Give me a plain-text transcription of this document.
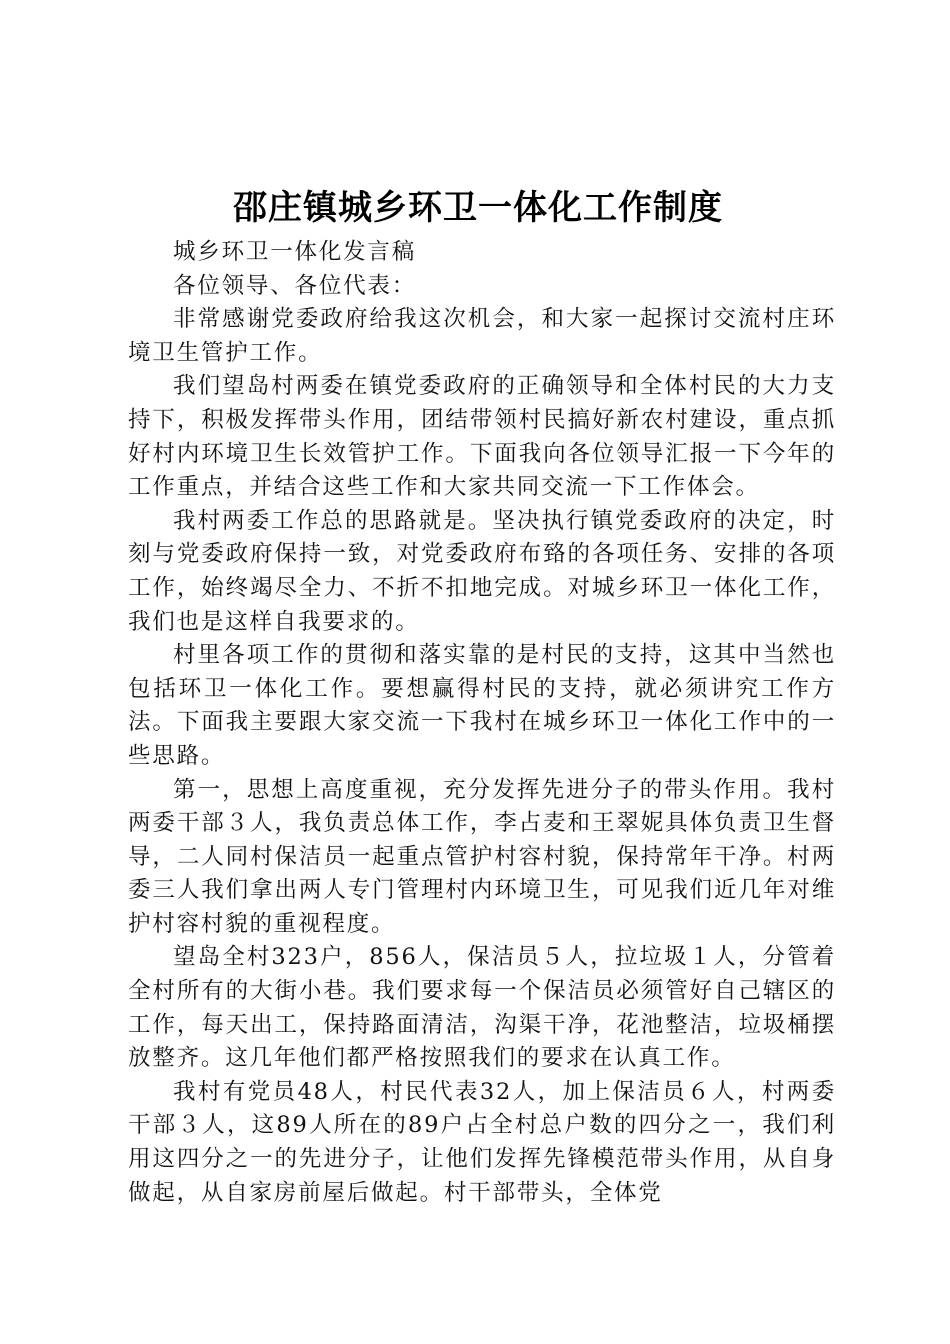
邵庄镇城乡环卫一体化工作制度

城乡环卫一体化发言稿

各位领导、各位代表：

非常感谢党委政府给我这次机会，和大家一起探讨交流村庄环境卫生管护工作。

我们望岛村两委在镇党委政府的正确领导和全体村民的大力支持下，积极发挥带头作用，团结带领村民搞好新农村建设，重点抓好村内环境卫生长效管护工作。下面我向各位领导汇报一下今年的工作重点，并结合这些工作和大家共同交流一下工作体会。

我村两委工作总的思路就是。坚决执行镇党委政府的决定，时刻与党委政府保持一致，对党委政府布臵的各项任务、安排的各项工作，始终竭尽全力、不折不扣地完成。对城乡环卫一体化工作，我们也是这样自我要求的。

村里各项工作的贯彻和落实靠的是村民的支持，这其中当然也包括环卫一体化工作。要想赢得村民的支持，就必须讲究工作方法。下面我主要跟大家交流一下我村在城乡环卫一体化工作中的一些思路。

第一，思想上高度重视，充分发挥先进分子的带头作用。我村两委干部３人，我负责总体工作，李占麦和王翠妮具体负责卫生督导，二人同村保洁员一起重点管护村容村貌，保持常年干净。村两委三人我们拿出两人专门管理村内环境卫生，可见我们近几年对维护村容村貌的重视程度。

望岛全村323户，856人，保洁员５人，拉垃圾１人，分管着全村所有的大街小巷。我们要求每一个保洁员必须管好自己辖区的工作，每天出工，保持路面清洁，沟渠干净，花池整洁，垃圾桶摆放整齐。这几年他们都严格按照我们的要求在认真工作。

我村有党员48人，村民代表32人，加上保洁员６人，村两委干部３人，这89人所在的89户占全村总户数的四分之一，我们利用这四分之一的先进分子，让他们发挥先锋模范带头作用，从自身做起，从自家房前屋后做起。村干部带头，全体党
